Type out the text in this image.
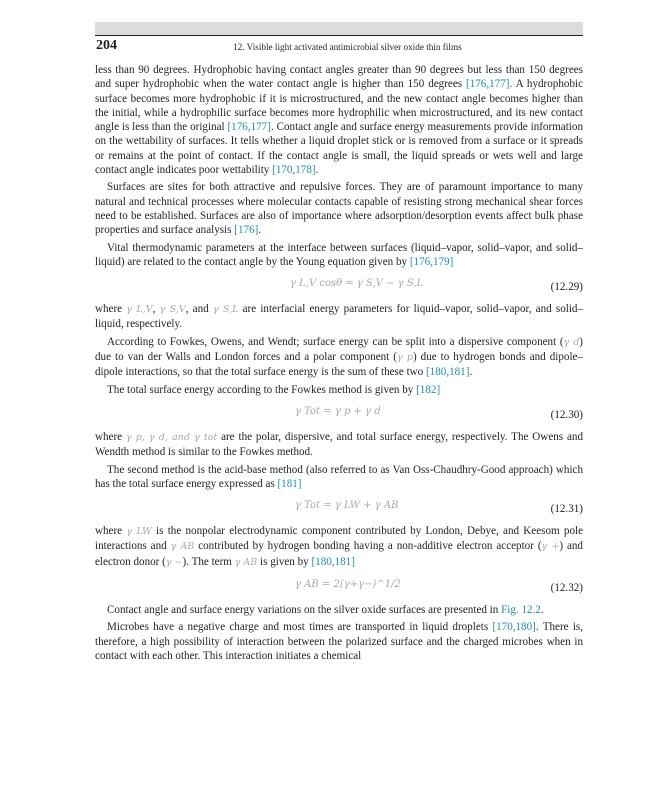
204	12. Visible light activated antimicrobial silver oxide thin films

less than 90 degrees. Hydrophobic having contact angles greater than 90 degrees but less than 150 degrees and super hydrophobic when the water contact angle is higher than 150 degrees [176,177]. A hydrophobic surface becomes more hydrophobic if it is microstructured, and the new contact angle becomes higher than the initial, while a hydrophilic surface becomes more hydrophilic when microstructured, and its new contact angle is less than the original [176,177]. Contact angle and surface energy measurements provide information on the wettability of surfaces. It tells whether a liquid droplet stick or is removed from a surface or it spreads or remains at the point of contact. If the contact angle is small, the liquid spreads or wets well and large contact angle indicates poor wettability [170,178].

Surfaces are sites for both attractive and repulsive forces. They are of paramount importance to many natural and technical processes where molecular contacts capable of resisting strong mechanical shear forces need to be established. Surfaces are also of importance where adsorption/desorption events affect bulk phase properties and surface analysis [176].

Vital thermodynamic parameters at the interface between surfaces (liquid–vapor, solid–vapor, and solid–liquid) are related to the contact angle by the Young equation given by [176,179]

γ L,V cosθ = γ S,V − γ S,L	(12.29)

where γ L,V, γ S,V, and γ S,L are interfacial energy parameters for liquid–vapor, solid–vapor, and solid–liquid, respectively.

According to Fowkes, Owens, and Wendt; surface energy can be split into a dispersive component (γ d) due to van der Walls and London forces and a polar component (γ p) due to hydrogen bonds and dipole–dipole interactions, so that the total surface energy is the sum of these two [180,181].

The total surface energy according to the Fowkes method is given by [182]

γ Tot = γ p + γ d	(12.30)

where γ p, γ d, and γ tot are the polar, dispersive, and total surface energy, respectively. The Owens and Wendth method is similar to the Fowkes method.

The second method is the acid-base method (also referred to as Van Oss-Chaudhry-Good approach) which has the total surface energy expressed as [181]

γ Tot = γ LW + γ AB	(12.31)

where γ LW is the nonpolar electrodynamic component contributed by London, Debye, and Keesom pole interactions and γ AB contributed by hydrogen bonding having a non-additive electron acceptor (γ +) and electron donor (γ −). The term γ AB is given by [180,181]

γ AB = 2(γ+γ−)^1/2	(12.32)

Contact angle and surface energy variations on the silver oxide surfaces are presented in Fig. 12.2.

Microbes have a negative charge and most times are transported in liquid droplets [170,180]. There is, therefore, a high possibility of interaction between the polarized surface and the charged microbes when in contact with each other. This interaction initiates a chemical
